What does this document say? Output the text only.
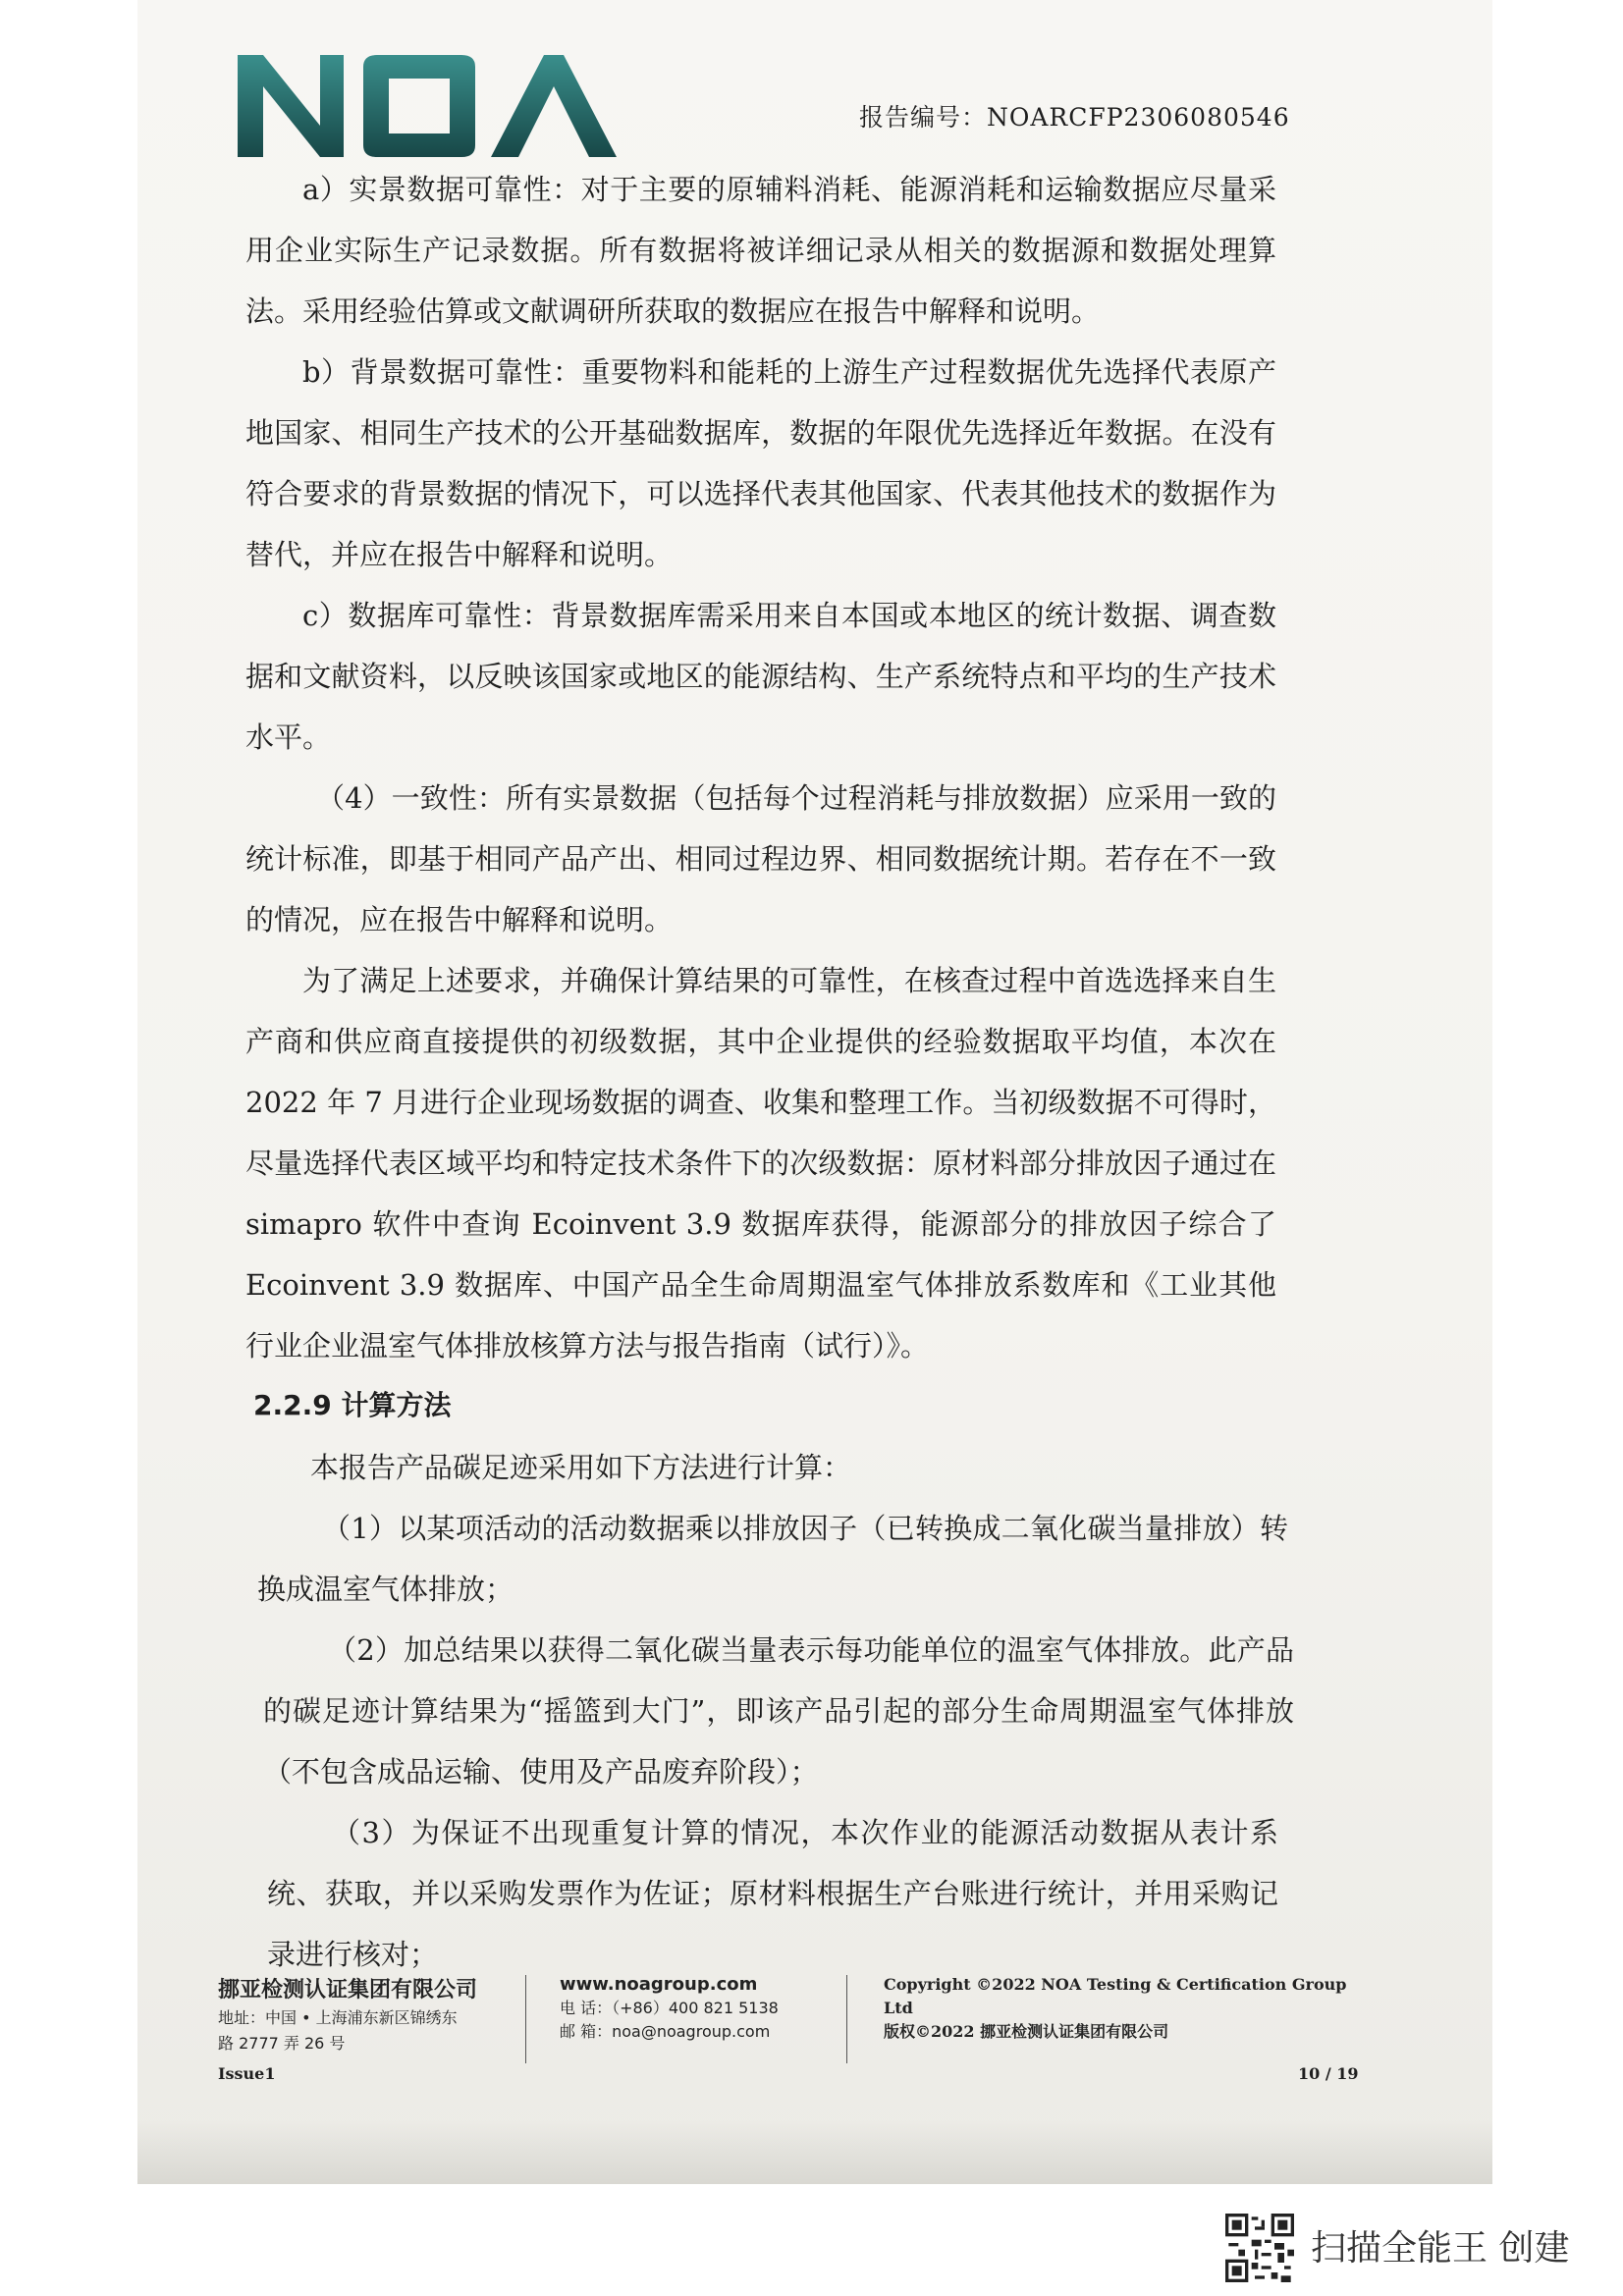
报告编号：NOARCFP2306080546
a）实景数据可靠性：对于主要的原辅料消耗、能源消耗和运输数据应尽量采用企业实际生产记录数据。所有数据将被详细记录从相关的数据源和数据处理算法。采用经验估算或文献调研所获取的数据应在报告中解释和说明。
b）背景数据可靠性：重要物料和能耗的上游生产过程数据优先选择代表原产地国家、相同生产技术的公开基础数据库，数据的年限优先选择近年数据。在没有符合要求的背景数据的情况下，可以选择代表其他国家、代表其他技术的数据作为替代，并应在报告中解释和说明。
c）数据库可靠性：背景数据库需采用来自本国或本地区的统计数据、调查数据和文献资料，以反映该国家或地区的能源结构、生产系统特点和平均的生产技术水平。
（4）一致性：所有实景数据（包括每个过程消耗与排放数据）应采用一致的统计标准，即基于相同产品产出、相同过程边界、相同数据统计期。若存在不一致的情况，应在报告中解释和说明。
为了满足上述要求，并确保计算结果的可靠性，在核查过程中首选选择来自生产商和供应商直接提供的初级数据，其中企业提供的经验数据取平均值，本次在 2022 年 7 月进行企业现场数据的调查、收集和整理工作。当初级数据不可得时，尽量选择代表区域平均和特定技术条件下的次级数据：原材料部分排放因子通过在 simapro 软件中查询 Ecoinvent 3.9 数据库获得，能源部分的排放因子综合了 Ecoinvent 3.9 数据库、中国产品全生命周期温室气体排放系数库和《工业其他行业企业温室气体排放核算方法与报告指南（试行）》。
2.2.9 计算方法
本报告产品碳足迹采用如下方法进行计算：
（1）以某项活动的活动数据乘以排放因子（已转换成二氧化碳当量排放）转换成温室气体排放；
（2）加总结果以获得二氧化碳当量表示每功能单位的温室气体排放。此产品的碳足迹计算结果为“摇篮到大门”，即该产品引起的部分生命周期温室气体排放（不包含成品运输、使用及产品废弃阶段）；
（3）为保证不出现重复计算的情况，本次作业的能源活动数据从表计系统、获取，并以采购发票作为佐证；原材料根据生产台账进行统计，并用采购记录进行核对；
挪亚检测认证集团有限公司
地址：中国 • 上海浦东新区锦绣东
路 2777 弄 26 号
www.noagroup.com
电 话：（+86）400 821 5138
邮 箱：noa@noagroup.com
Copyright ©2022 NOA Testing & Certification Group Ltd
版权©2022 挪亚检测认证集团有限公司
Issue1	10 / 19
扫描全能王 创建
